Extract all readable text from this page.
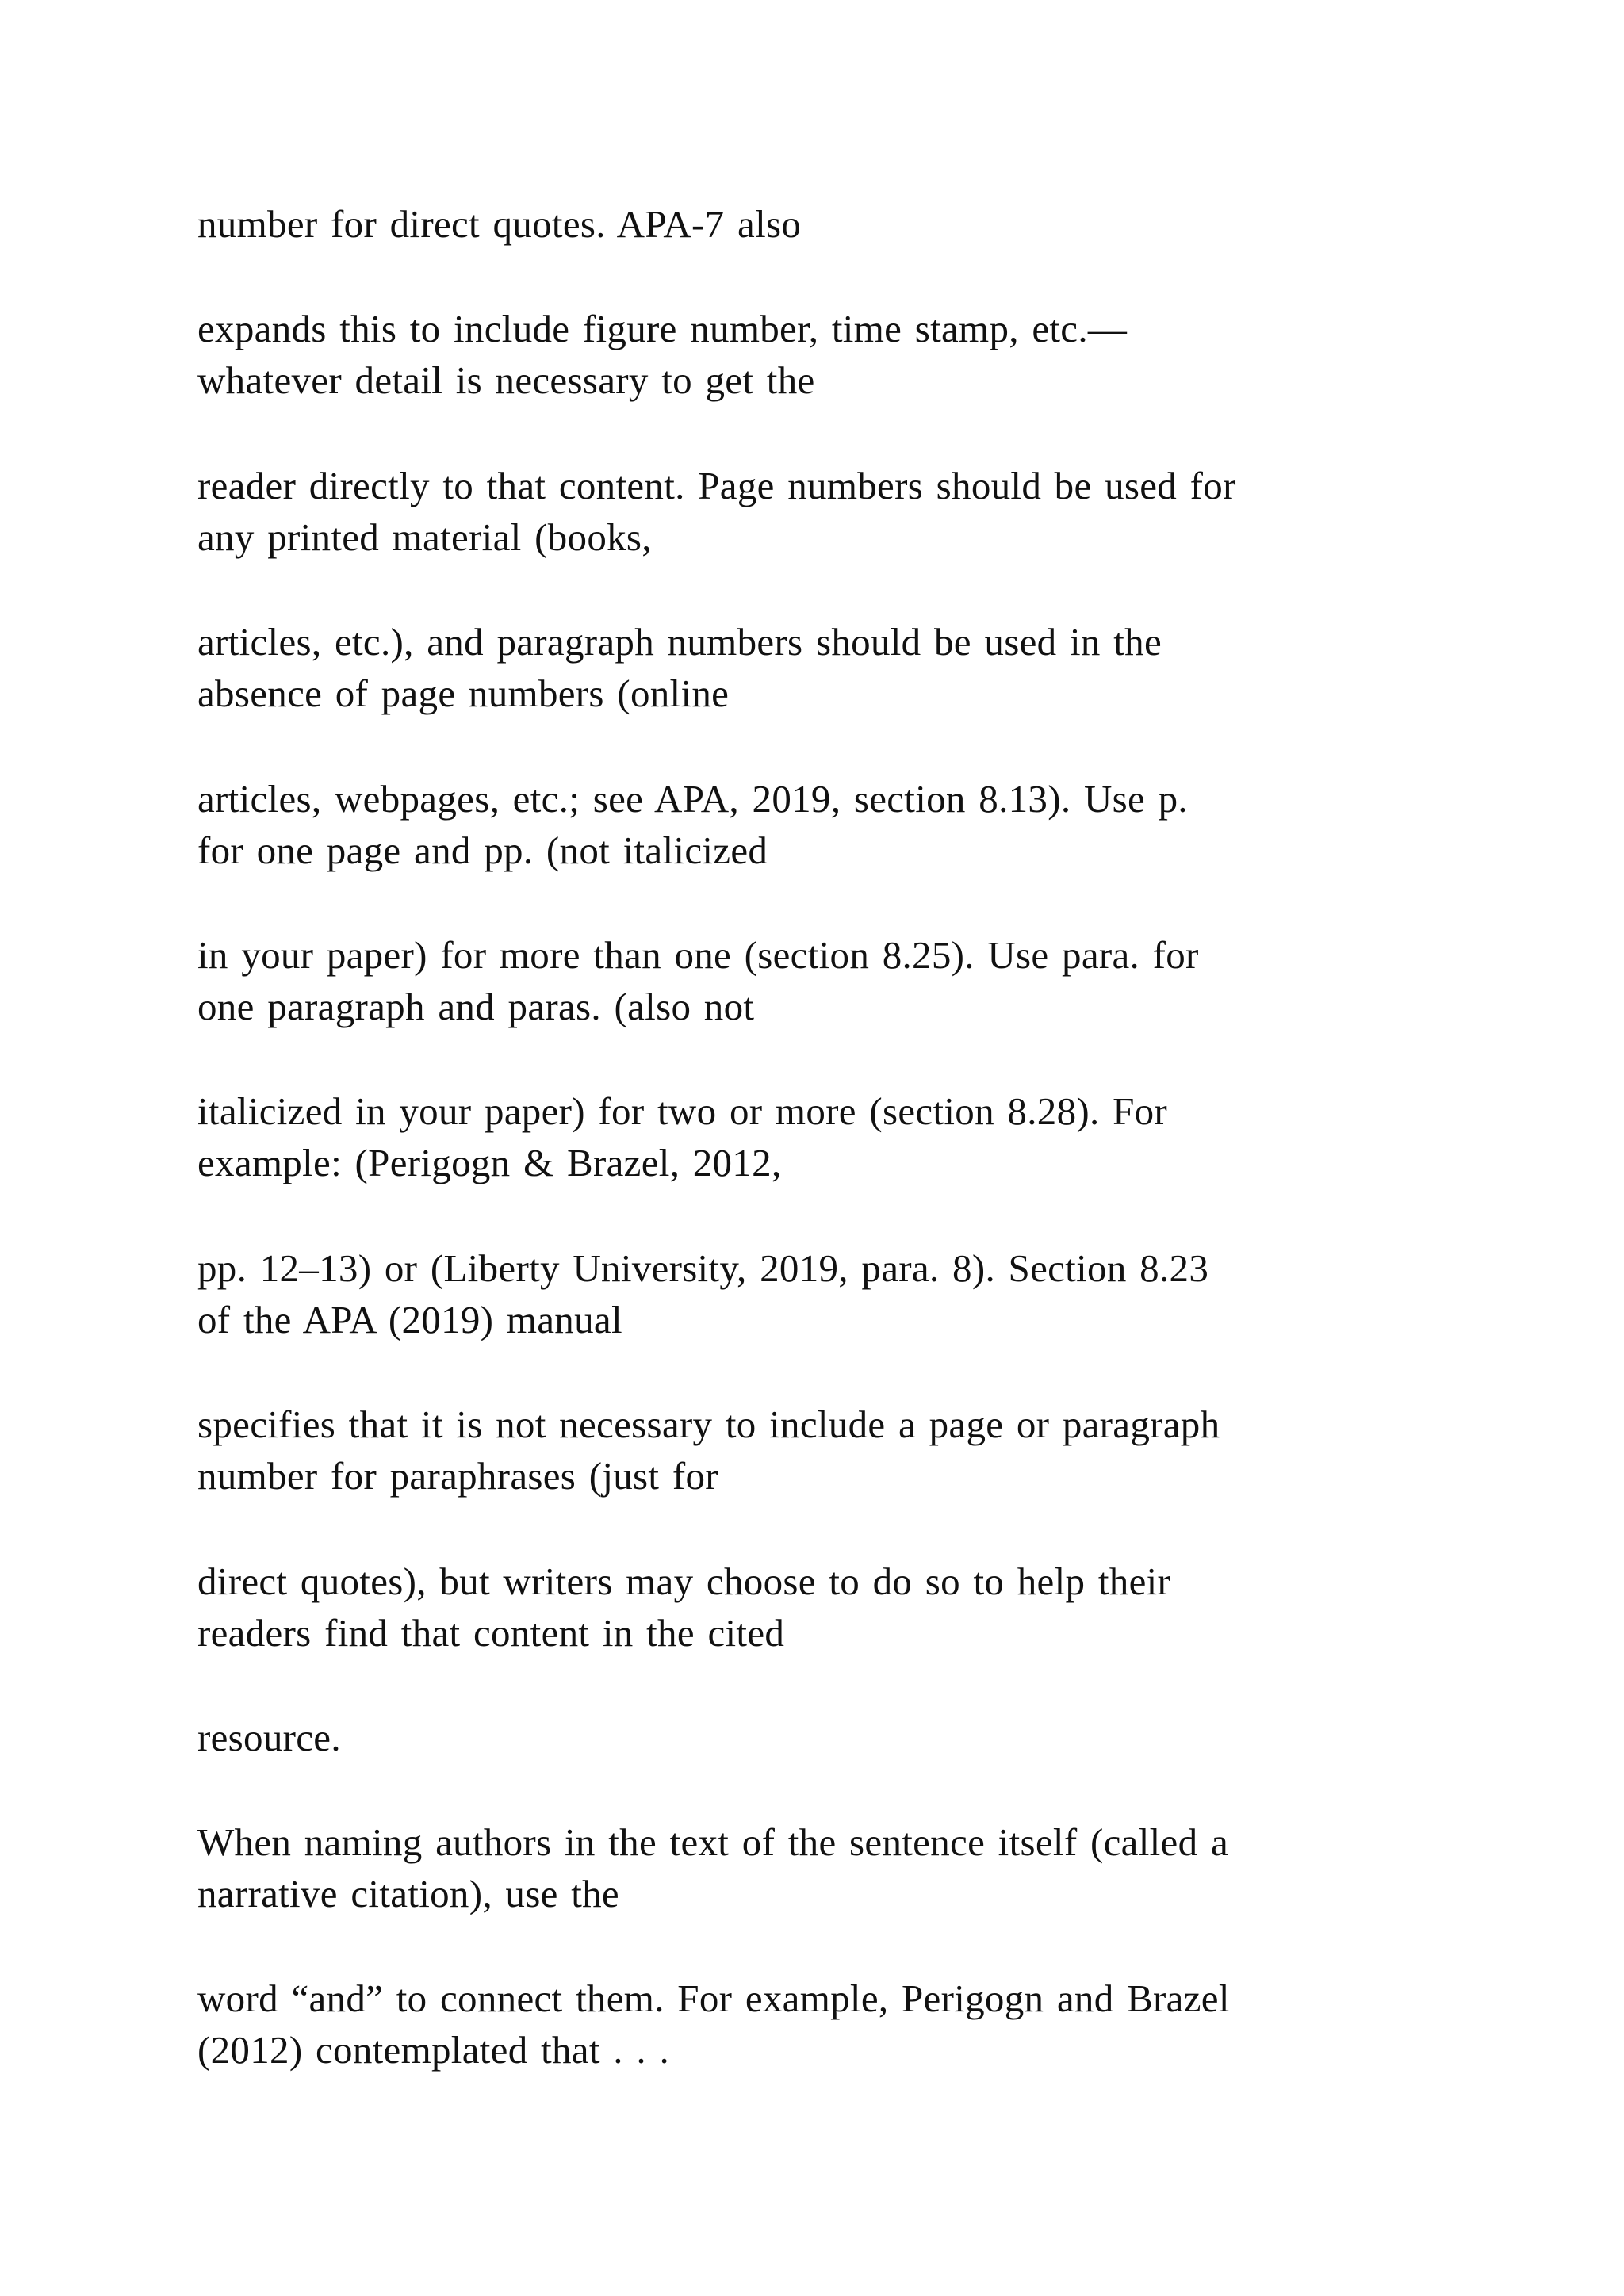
number for direct quotes. APA-7 also

expands this to include figure number, time stamp, etc.—
whatever detail is necessary to get the

reader directly to that content. Page numbers should be used for
any printed material (books,

articles, etc.), and paragraph numbers should be used in the
absence of page numbers (online

articles, webpages, etc.; see APA, 2019, section 8.13). Use p.
for one page and pp. (not italicized

in your paper) for more than one (section 8.25). Use para. for
one paragraph and paras. (also not

italicized in your paper) for two or more (section 8.28). For
example: (Perigogn & Brazel, 2012,

pp. 12–13) or (Liberty University, 2019, para. 8). Section 8.23
of the APA (2019) manual

specifies that it is not necessary to include a page or paragraph
number for paraphrases (just for

direct quotes), but writers may choose to do so to help their
readers find that content in the cited

resource.

When naming authors in the text of the sentence itself (called a
narrative citation), use the

word “and” to connect them. For example, Perigogn and Brazel
(2012) contemplated that . . .
